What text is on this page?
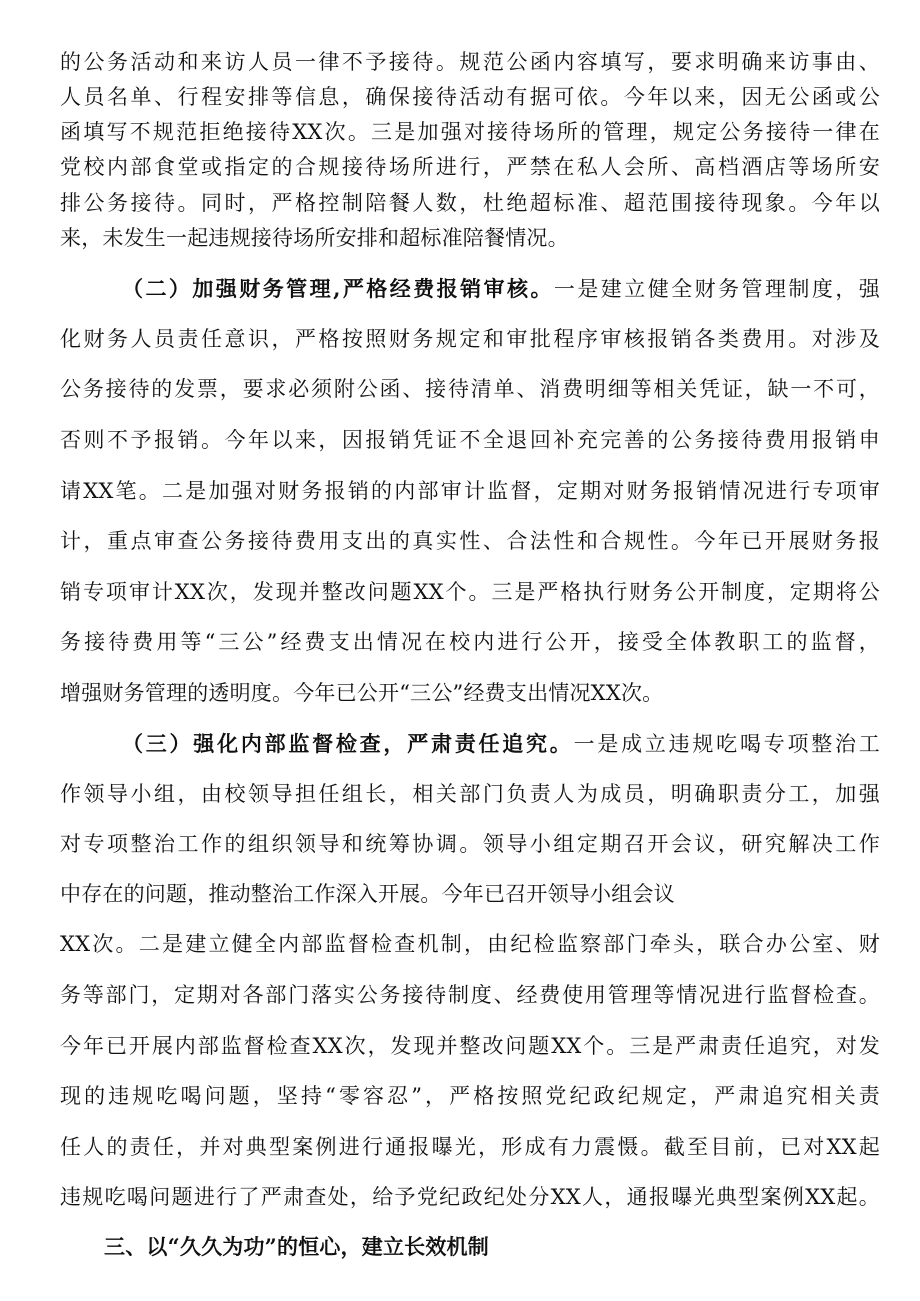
的公务活动和来访人员一律不予接待。规范公函内容填写，要求明确来访事由、
人员名单、行程安排等信息，确保接待活动有据可依。今年以来，因无公函或公
函填写不规范拒绝接待XX次。三是加强对接待场所的管理，规定公务接待一律在
党校内部食堂或指定的合规接待场所进行，严禁在私人会所、高档酒店等场所安
排公务接待。同时，严格控制陪餐人数，杜绝超标准、超范围接待现象。今年以
来，未发生一起违规接待场所安排和超标准陪餐情况。
（二）加强财务管理,严格经费报销审核。一是建立健全财务管理制度，强
化财务人员责任意识，严格按照财务规定和审批程序审核报销各类费用。对涉及
公务接待的发票，要求必须附公函、接待清单、消费明细等相关凭证，缺一不可，
否则不予报销。今年以来，因报销凭证不全退回补充完善的公务接待费用报销申
请XX笔。二是加强对财务报销的内部审计监督，定期对财务报销情况进行专项审
计，重点审查公务接待费用支出的真实性、合法性和合规性。今年已开展财务报
销专项审计XX次，发现并整改问题XX个。三是严格执行财务公开制度，定期将公
务接待费用等“三公”经费支出情况在校内进行公开，接受全体教职工的监督，
增强财务管理的透明度。今年已公开“三公”经费支出情况XX次。
（三）强化内部监督检查，严肃责任追究。一是成立违规吃喝专项整治工
作领导小组，由校领导担任组长，相关部门负责人为成员，明确职责分工，加强
对专项整治工作的组织领导和统筹协调。领导小组定期召开会议，研究解决工作
中存在的问题，推动整治工作深入开展。今年已召开领导小组会议
XX次。二是建立健全内部监督检查机制，由纪检监察部门牵头，联合办公室、财
务等部门，定期对各部门落实公务接待制度、经费使用管理等情况进行监督检查。
今年已开展内部监督检查XX次，发现并整改问题XX个。三是严肃责任追究，对发
现的违规吃喝问题，坚持“零容忍”，严格按照党纪政纪规定，严肃追究相关责
任人的责任，并对典型案例进行通报曝光，形成有力震慑。截至目前，已对XX起
违规吃喝问题进行了严肃查处，给予党纪政纪处分XX人，通报曝光典型案例XX起。
三、以“久久为功”的恒心，建立长效机制
